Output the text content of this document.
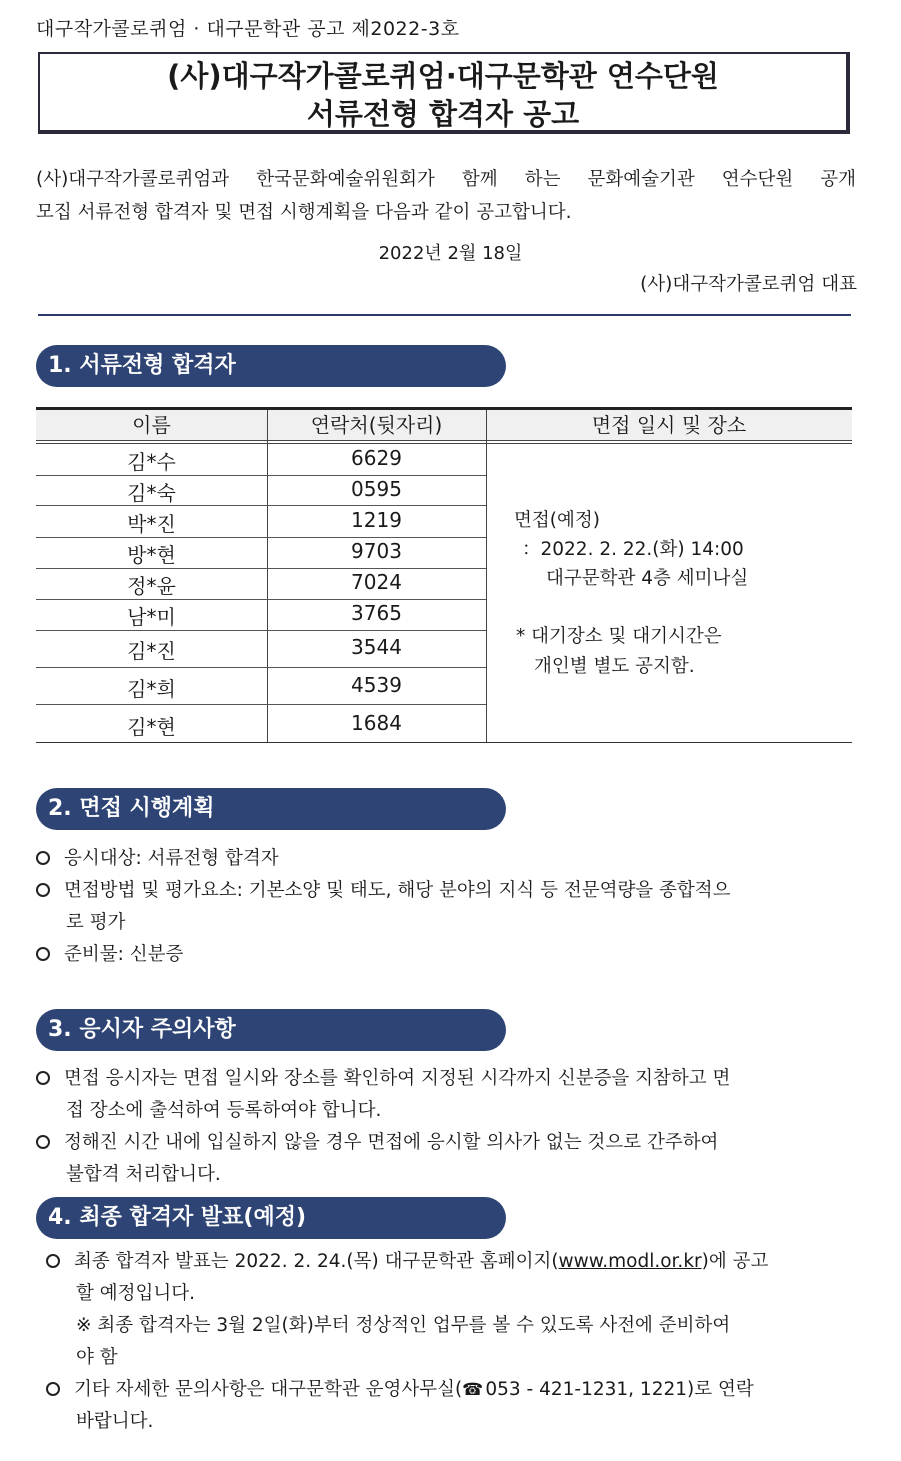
대구작가콜로퀴엄 · 대구문학관 공고 제2022-3호
(사)대구작가콜로퀴엄·대구문학관 연수단원
서류전형 합격자 공고
(사)대구작가콜로퀴엄과 한국문화예술위원회가 함께 하는 문화예술기관 연수단원 공개
모집 서류전형 합격자 및 면접 시행계획을 다음과 같이 공고합니다.
2022년 2월 18일
(사)대구작가콜로퀴엄 대표
1. 서류전형 합격자
이름	연락처(뒷자리)	면접 일시 및 장소
김*수	6629
김*숙	0595
박*진	1219
방*현	9703
정*윤	7024
남*미	3765
김*진	3544
김*희	4539
김*현	1684
면접(예정)
：2022. 2. 22.(화) 14:00
대구문학관 4층 세미나실
* 대기장소 및 대기시간은
개인별 별도 공지함.
2. 면접 시행계획
응시대상: 서류전형 합격자
면접방법 및 평가요소: 기본소양 및 태도, 해당 분야의 지식 등 전문역량을 종합적으
로 평가
준비물: 신분증
3. 응시자 주의사항
면접 응시자는 면접 일시와 장소를 확인하여 지정된 시각까지 신분증을 지참하고 면
접 장소에 출석하여 등록하여야 합니다.
정해진 시간 내에 입실하지 않을 경우 면접에 응시할 의사가 없는 것으로 간주하여
불합격 처리합니다.
4. 최종 합격자 발표(예정)
최종 합격자 발표는 2022. 2. 24.(목) 대구문학관 홈페이지(www.modl.or.kr)에 공고
할 예정입니다.
※ 최종 합격자는 3월 2일(화)부터 정상적인 업무를 볼 수 있도록 사전에 준비하여
야 함
기타 자세한 문의사항은 대구문학관 운영사무실(☎ 053 - 421-1231, 1221)로 연락
바랍니다.
